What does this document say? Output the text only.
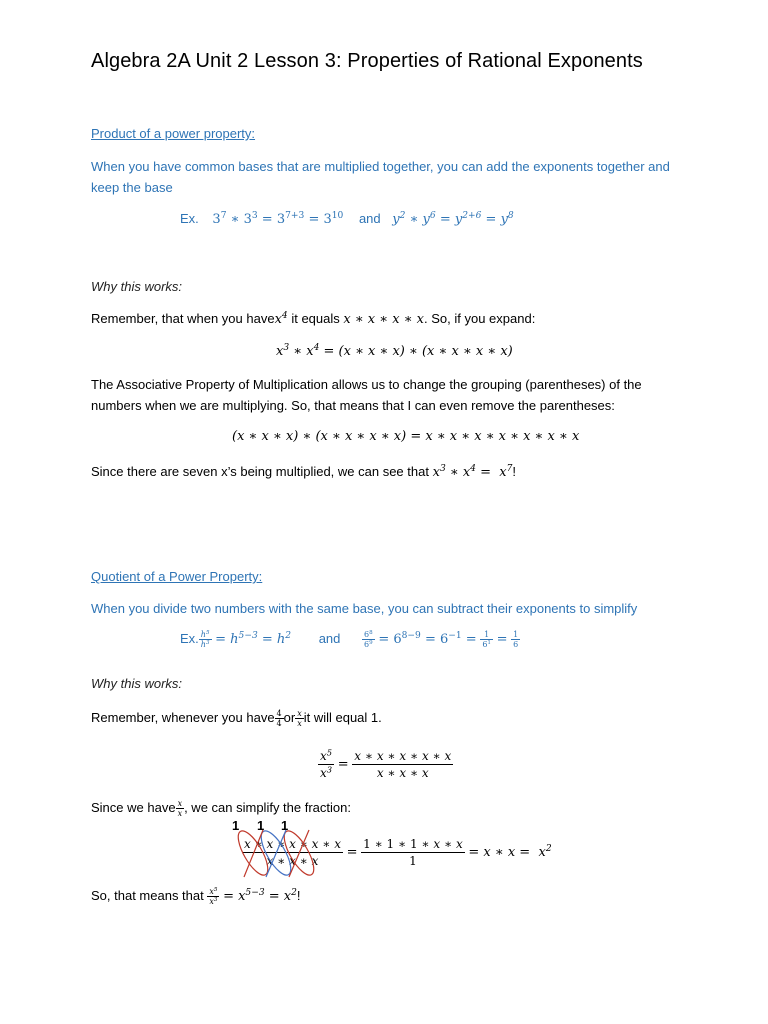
Algebra 2A Unit 2 Lesson 3: Properties of Rational Exponents
Product of a power property:
When you have common bases that are multiplied together, you can add the exponents together and keep the base
Ex. $3^7$ ∗ $3^3 = 3^{7+3} = 3^{10}$ and $y^2$ ∗ $y^6 = y^{2+6} = y^8$
Why this works:
Remember, that when you havex$^4$ it equals x ∗ x ∗ x ∗ x. So, if you expand:
$x^3$ ∗ $x^4 = (x$ ∗ x ∗ x) ∗ (x ∗ x ∗ x ∗ x)
The Associative Property of Multiplication allows us to change the grouping (parentheses) of the numbers when we are multiplying. So, that means that I can even remove the parentheses:
(x ∗ x ∗ x) ∗ (x ∗ x ∗ x ∗ x) = x ∗ x ∗ x ∗ x ∗ x ∗ x ∗ x
Since there are seven x’s being multiplied, we can see that $x^3$ ∗ $x^4 = x^7$!
Quotient of a Power Property:
When you divide two numbers with the same base, you can subtract their exponents to simplify
Ex. $\frac{h^5}{h^3} = h^{5-3} = h^2$ and	$\frac{6^8}{6^9} = 6^{8-9} = 6^{-1} = \frac{1}{6^1} = \frac{1}{6}$
Why this works:
Remember, whenever you have $\frac{4}{4}$ or $\frac{x}{x}$ it will equal 1.
$\frac{x^5}{x^3} = \frac{x ∗ x ∗ x ∗ x ∗ x}{x ∗ x ∗ x}$
Since we have $\frac{x}{x}$ , we can simplify the fraction:
1 1 1
$\frac{x ∗ x ∗ x ∗ x ∗ x}{x ∗ x ∗ x} = \frac{1 ∗ 1 ∗ 1 ∗ x ∗ x}{1} = x$ ∗ $x = x^2$
So, that means that $\frac{x^5}{x^3} = x^{5-3} = x^2$!
